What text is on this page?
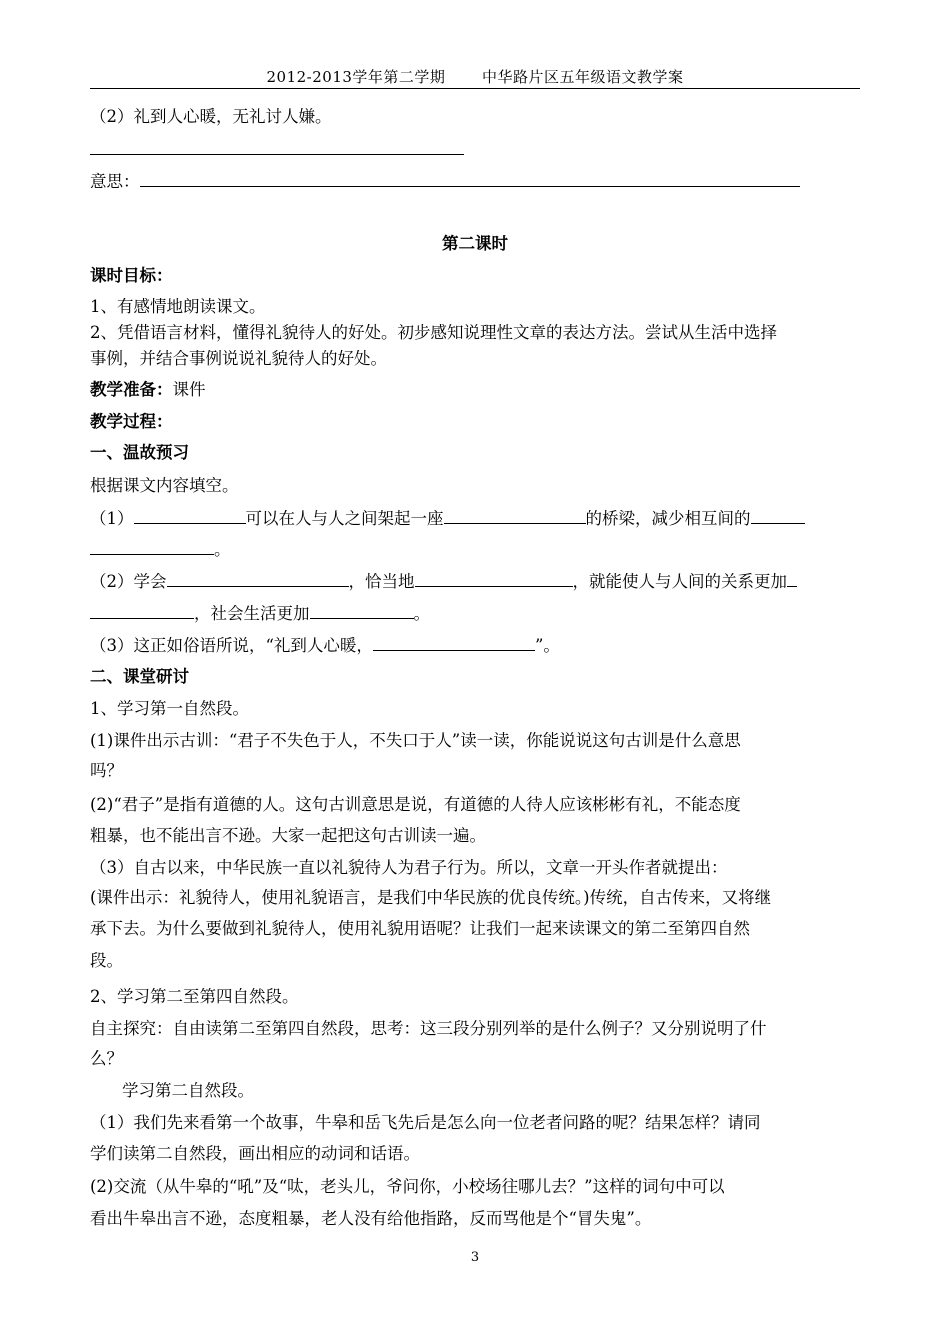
2012-2013学年第二学期 中华路片区五年级语文教学案
（2）礼到人心暖，无礼讨人嫌。
意思：
第二课时
课时目标：
1、有感情地朗读课文。
2、凭借语言材料，懂得礼貌待人的好处。初步感知说理性文章的表达方法。尝试从生活中选择
事例，并结合事例说说礼貌待人的好处。
教学准备：课件
教学过程：
一、温故预习
根据课文内容填空。
（1）	可以在人与人之间架起一座	的桥梁，减少相互间的
。
（2）学会	，恰当地	，就能使人与人间的关系更加
，社会生活更加	。
（3）这正如俗语所说，“礼到人心暖，	”。
二、课堂研讨
1、学习第一自然段。
(1)课件出示古训：“君子不失色于人，不失口于人”读一读，你能说说这句古训是什么意思
吗？
(2)“君子”是指有道德的人。这句古训意思是说，有道德的人待人应该彬彬有礼，不能态度
粗暴，也不能出言不逊。大家一起把这句古训读一遍。
（3）自古以来，中华民族一直以礼貌待人为君子行为。所以，文章一开头作者就提出：
(课件出示：礼貌待人，使用礼貌语言，是我们中华民族的优良传统。)传统，自古传来，又将继
承下去。为什么要做到礼貌待人，使用礼貌用语呢？让我们一起来读课文的第二至第四自然
段。
2、学习第二至第四自然段。
自主探究：自由读第二至第四自然段，思考：这三段分别列举的是什么例子？又分别说明了什
么？
学习第二自然段。
（1）我们先来看第一个故事，牛皋和岳飞先后是怎么向一位老者问路的呢？结果怎样？请同
学们读第二自然段，画出相应的动词和话语。
(2)交流（从牛皋的“吼”及“呔，老头儿，爷问你，小校场往哪儿去？”这样的词句中可以
看出牛皋出言不逊，态度粗暴，老人没有给他指路，反而骂他是个“冒失鬼”。
3
